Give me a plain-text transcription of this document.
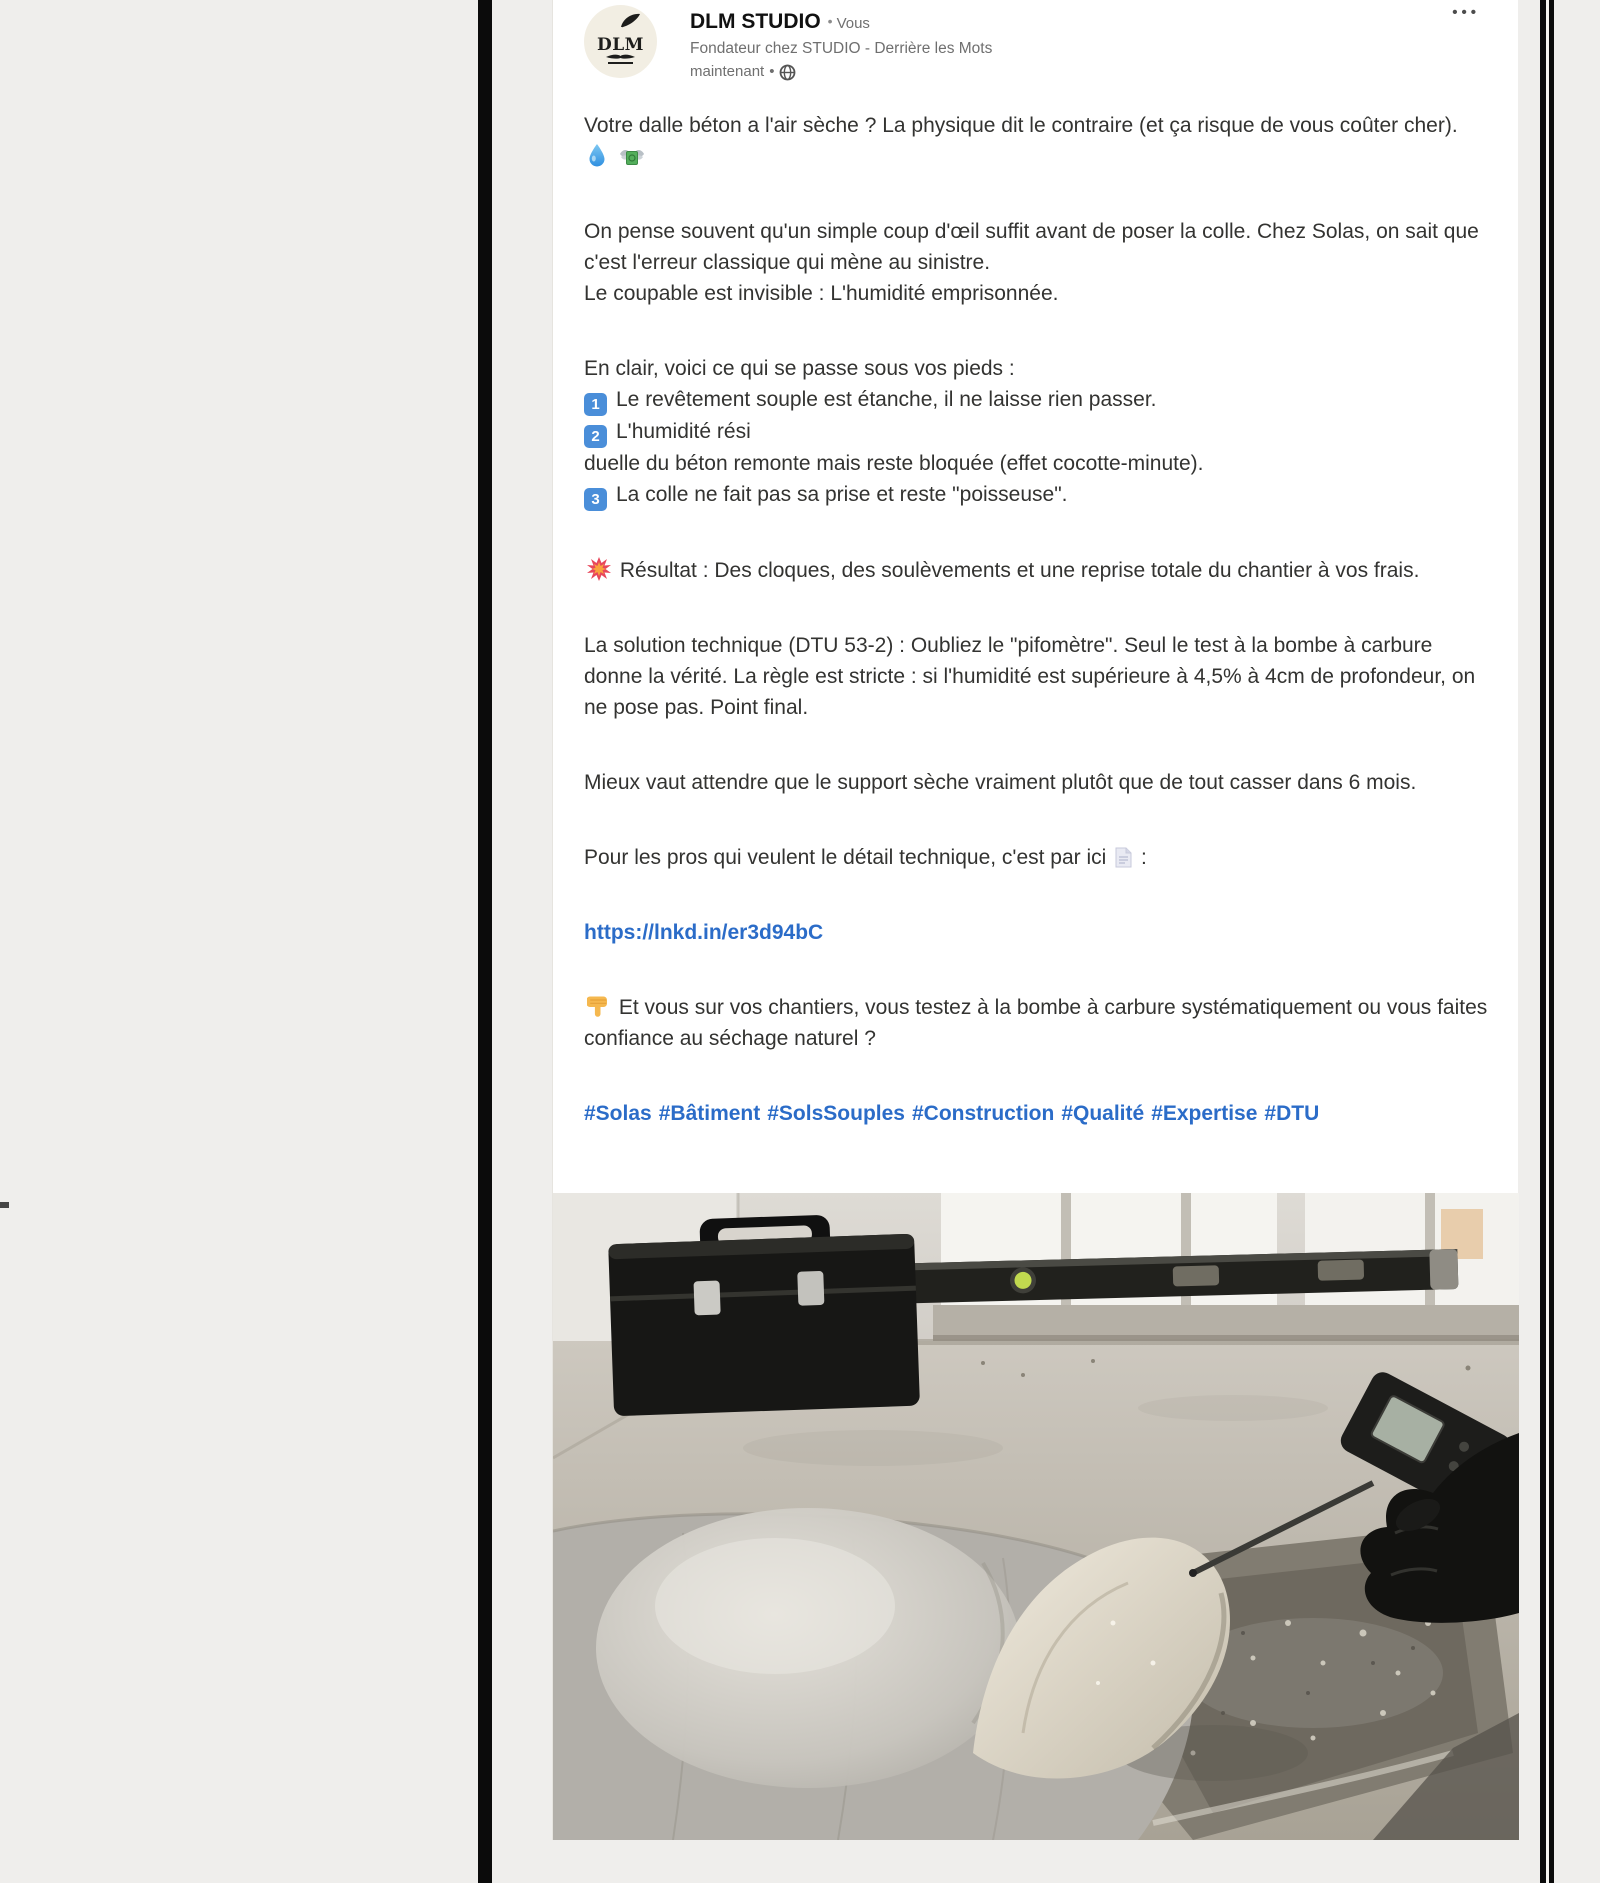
DLM
DLM STUDIO • Vous
Fondateur chez STUDIO - Derrière les Mots
maintenant •
•••

Votre dalle béton a l'air sèche ? La physique dit le contraire (et ça risque de vous coûter cher).

On pense souvent qu'un simple coup d'œil suffit avant de poser la colle. Chez Solas, on sait que c'est l'erreur classique qui mène au sinistre.
Le coupable est invisible : L'humidité emprisonnée.

En clair, voici ce qui se passe sous vos pieds :
1 Le revêtement souple est étanche, il ne laisse rien passer.
2 L'humidité rési
duelle du béton remonte mais reste bloquée (effet cocotte-minute).
3 La colle ne fait pas sa prise et reste "poisseuse".

Résultat : Des cloques, des soulèvements et une reprise totale du chantier à vos frais.

La solution technique (DTU 53-2) : Oubliez le "pifomètre". Seul le test à la bombe à carbure donne la vérité. La règle est stricte : si l'humidité est supérieure à 4,5% à 4cm de profondeur, on ne pose pas. Point final.

Mieux vaut attendre que le support sèche vraiment plutôt que de tout casser dans 6 mois.

Pour les pros qui veulent le détail technique, c'est par ici :

https://lnkd.in/er3d94bC

Et vous sur vos chantiers, vous testez à la bombe à carbure systématiquement ou vous faites confiance au séchage naturel ?

#Solas #Bâtiment #SolsSouples #Construction #Qualité #Expertise #DTU
